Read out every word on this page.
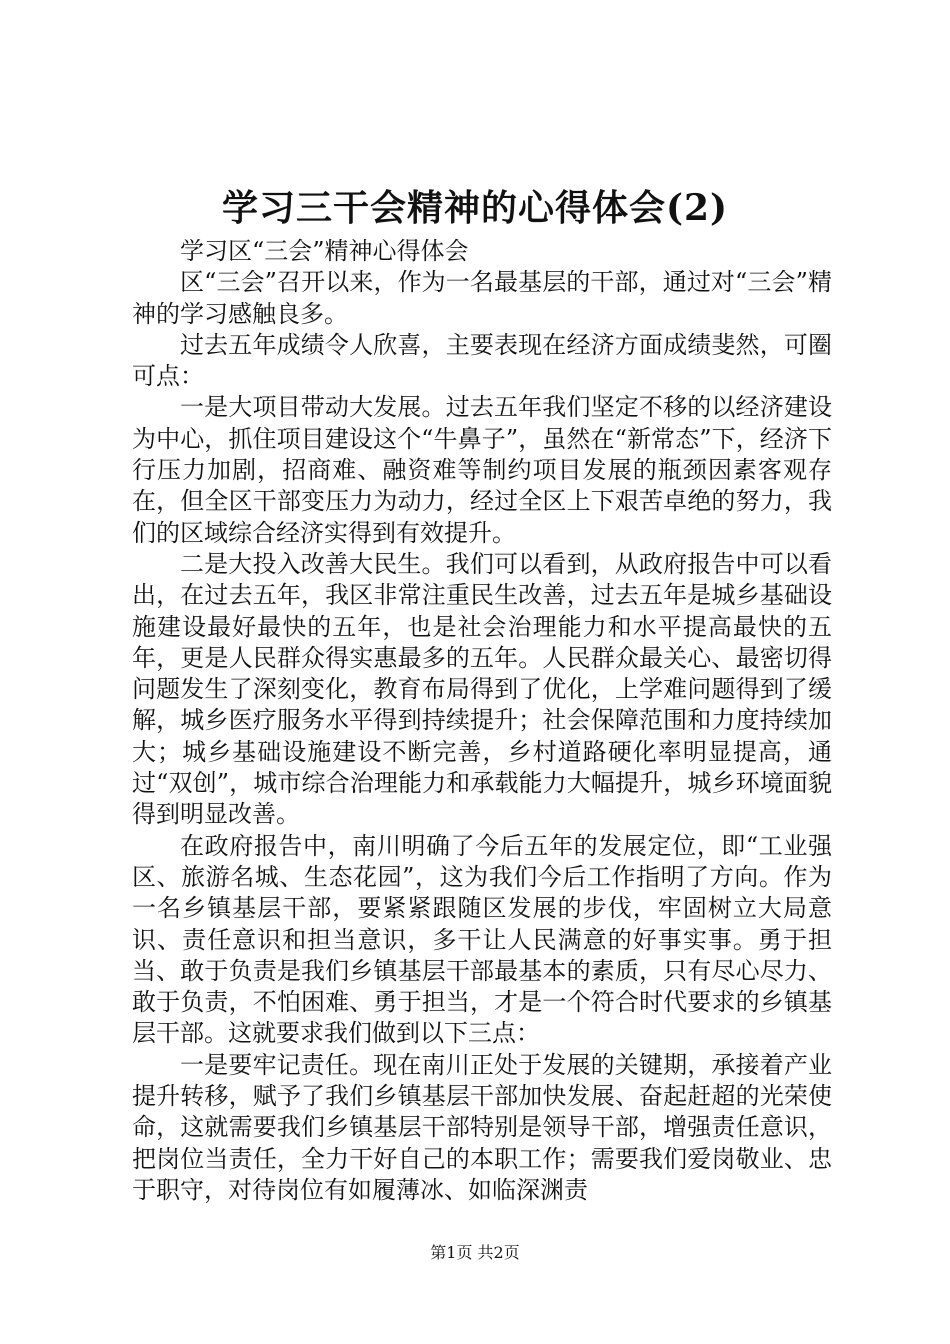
学习三干会精神的心得体会(2)

学习区“三会”精神心得体会

区“三会”召开以来，作为一名最基层的干部，通过对“三会”精神的学习感触良多。

过去五年成绩令人欣喜，主要表现在经济方面成绩斐然，可圈可点：

一是大项目带动大发展。过去五年我们坚定不移的以经济建设为中心，抓住项目建设这个“牛鼻子”，虽然在“新常态”下，经济下行压力加剧，招商难、融资难等制约项目发展的瓶颈因素客观存在，但全区干部变压力为动力，经过全区上下艰苦卓绝的努力，我们的区域综合经济实得到有效提升。

二是大投入改善大民生。我们可以看到，从政府报告中可以看出，在过去五年，我区非常注重民生改善，过去五年是城乡基础设施建设最好最快的五年，也是社会治理能力和水平提高最快的五年，更是人民群众得实惠最多的五年。人民群众最关心、最密切得问题发生了深刻变化，教育布局得到了优化，上学难问题得到了缓解，城乡医疗服务水平得到持续提升；社会保障范围和力度持续加大；城乡基础设施建设不断完善，乡村道路硬化率明显提高，通过“双创”，城市综合治理能力和承载能力大幅提升，城乡环境面貌得到明显改善。

在政府报告中，南川明确了今后五年的发展定位，即“工业强区、旅游名城、生态花园”，这为我们今后工作指明了方向。作为一名乡镇基层干部，要紧紧跟随区发展的步伐，牢固树立大局意识、责任意识和担当意识，多干让人民满意的好事实事。勇于担当、敢于负责是我们乡镇基层干部最基本的素质，只有尽心尽力、敢于负责，不怕困难、勇于担当，才是一个符合时代要求的乡镇基层干部。这就要求我们做到以下三点：

一是要牢记责任。现在南川正处于发展的关键期，承接着产业提升转移，赋予了我们乡镇基层干部加快发展、奋起赶超的光荣使命，这就需要我们乡镇基层干部特别是领导干部，增强责任意识，把岗位当责任，全力干好自己的本职工作；需要我们爱岗敬业、忠于职守，对待岗位有如履薄冰、如临深渊责

第1页 共2页
